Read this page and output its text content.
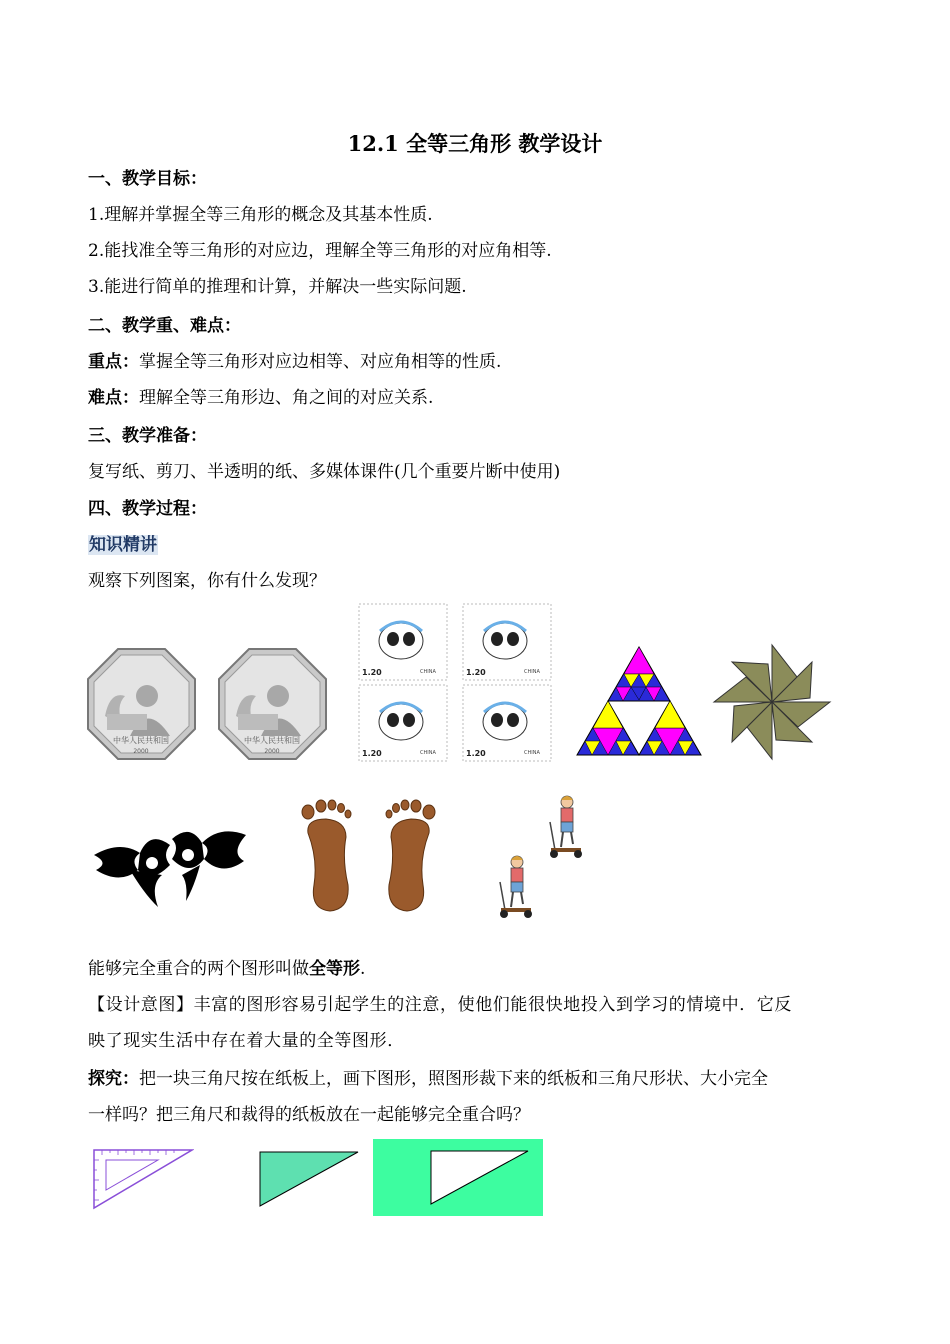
12.1 全等三角形 教学设计
一、教学目标：
1.理解并掌握全等三角形的概念及其基本性质.
2.能找准全等三角形的对应边，理解全等三角形的对应角相等.
3.能进行简单的推理和计算，并解决一些实际问题.
二、教学重、难点：
重点：掌握全等三角形对应边相等、对应角相等的性质.
难点：理解全等三角形边、角之间的对应关系.
三、教学准备：
复写纸、剪刀、半透明的纸、多媒体课件(几个重要片断中使用)
四、教学过程：
知识精讲
观察下列图案，你有什么发现？
中华人民共和国
2000
中华人民共和国
2000
1.20	CHINA	1.20	CHINA
1.20	CHINA	1.20	CHINA
能够完全重合的两个图形叫做全等形.
【设计意图】丰富的图形容易引起学生的注意，使他们能很快地投入到学习的情境中．它反
映了现实生活中存在着大量的全等图形．
探究：把一块三角尺按在纸板上，画下图形，照图形裁下来的纸板和三角尺形状、大小完全
一样吗？把三角尺和裁得的纸板放在一起能够完全重合吗？
